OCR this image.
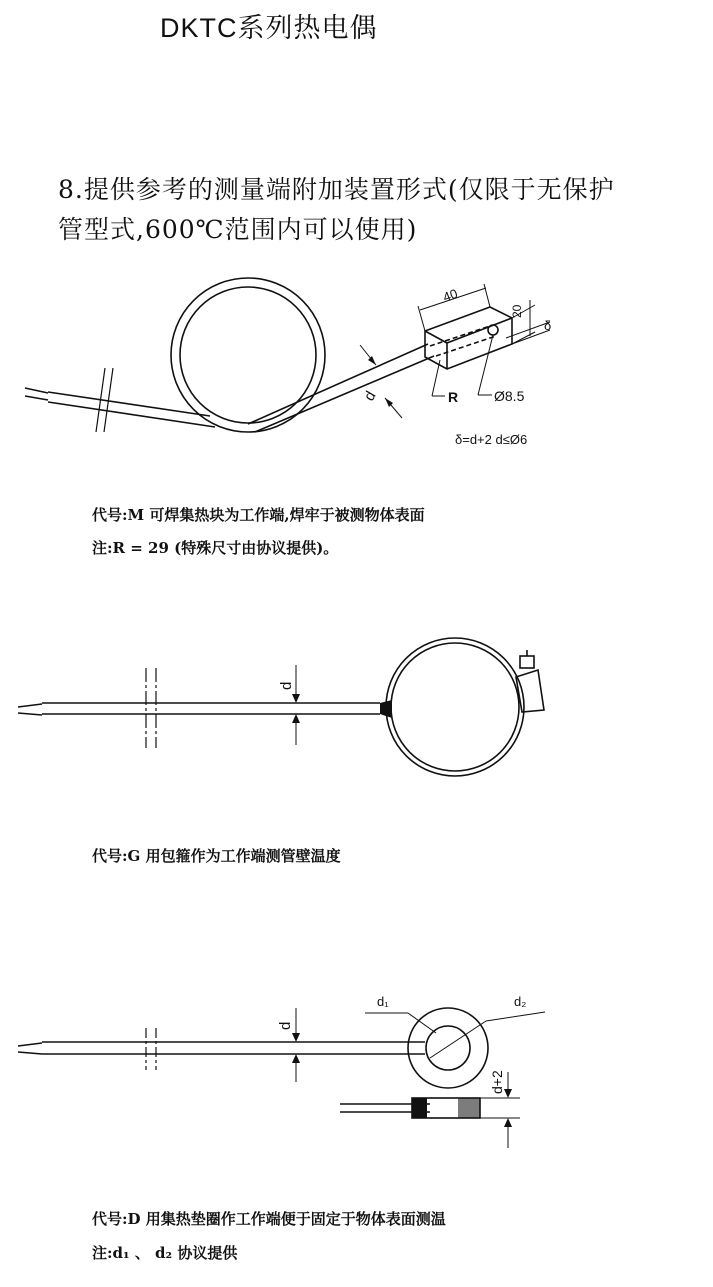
DKTC系列热电偶
8.提供参考的测量端附加装置形式(仅限于无保护
管型式,600℃范围内可以使用)
40
20
δ
d	R	Ø8.5
δ=d+2 d≤Ø6
代号:M 可焊集热块为工作端,焊牢于被测物体表面
注:R = 29 (特殊尺寸由协议提供)。
d
代号:G 用包箍作为工作端测管壁温度
d
d₁	d₂
d+2
代号:D 用集热垫圈作工作端便于固定于物体表面测温
注:d₁ 、 d₂ 协议提供
